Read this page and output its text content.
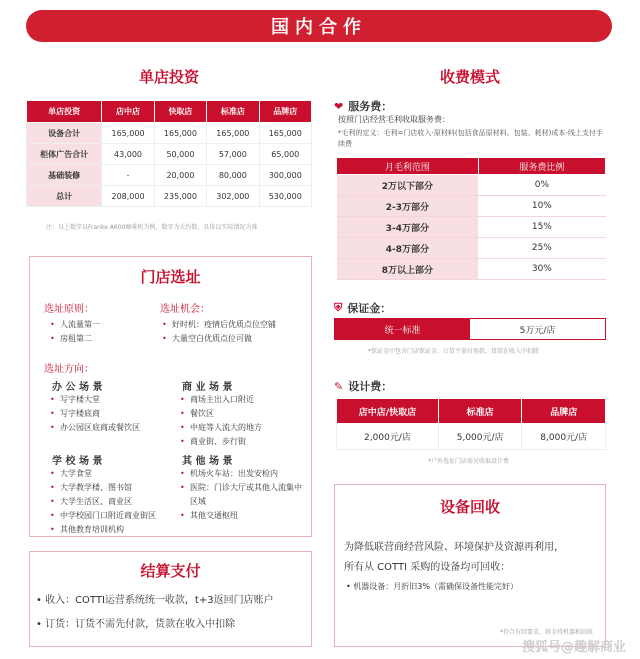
国内合作
单店投资
单店投资	店中店	快取店	标准店	品牌店
设备合计	165,000	165,000	165,000	165,000
柜体广告合计	43,000	50,000	57,000	65,000
基础装修	-	20,000	80,000	300,000
总计	208,000	235,000	302,000	530,000
注：以上数字以Franke A600咖啡机为例，数字为大约数，具体以实际情况为准
收费模式
❤ 服务费：
按照门店经营毛利收取服务费：
*毛利的定义：毛利=门店收入-原材料(包括食品原材料、包装、耗材)成本-线上支付手续费
月毛利范围	服务费比例
2万以下部分	0%
2-3万部分	10%
3-4万部分	15%
4-8万部分	25%
8万以上部分	30%
⛨ 保证金：
统一标准	5万元/店
*保证金中包含门店保证金、订货不需付预款，货款在收入中扣除
✎ 设计费：
店中店/快取店	标准店	品牌店
2,000元/店	5,000元/店	8,000元/店
*户外选址门店需另收取设计费
门店选址
选址原则：
• 人流量第一
• 房租第二
选址机会：
• 好时机：疫情后优质点位空铺
• 大量空白优质点位可做
选址方向：
办 公 场 景
• 写字楼大堂
• 写字楼底商
• 办公园区底商或餐饮区
商 业 场 景
• 商场主出入口附近
• 餐饮区
• 中庭等人流大的地方
• 商业街、步行街
学 校 场 景
• 大学食堂
• 大学教学楼、图书馆
• 大学生活区、商业区
• 中学校园门口附近商业街区
• 其他教育培训机构
其 他 场 景
• 机场火车站：出发安检内
• 医院：门诊大厅或其他人流集中区域
• 其他交通枢纽
结算支付
• 收入：COTTI运营系统统一收款，t+3返回门店账户
• 订货：订货不需先付款，货款在收入中扣除
设备回收
为降低联营商经营风险、环境保护及资源再利用，
所有从 COTTI 采购的设备均可回收：
• 机器设备：月折旧3%（需确保设备性能完好）
*符合有回要求，将全持机器和回收
搜狐号@趣解商业
